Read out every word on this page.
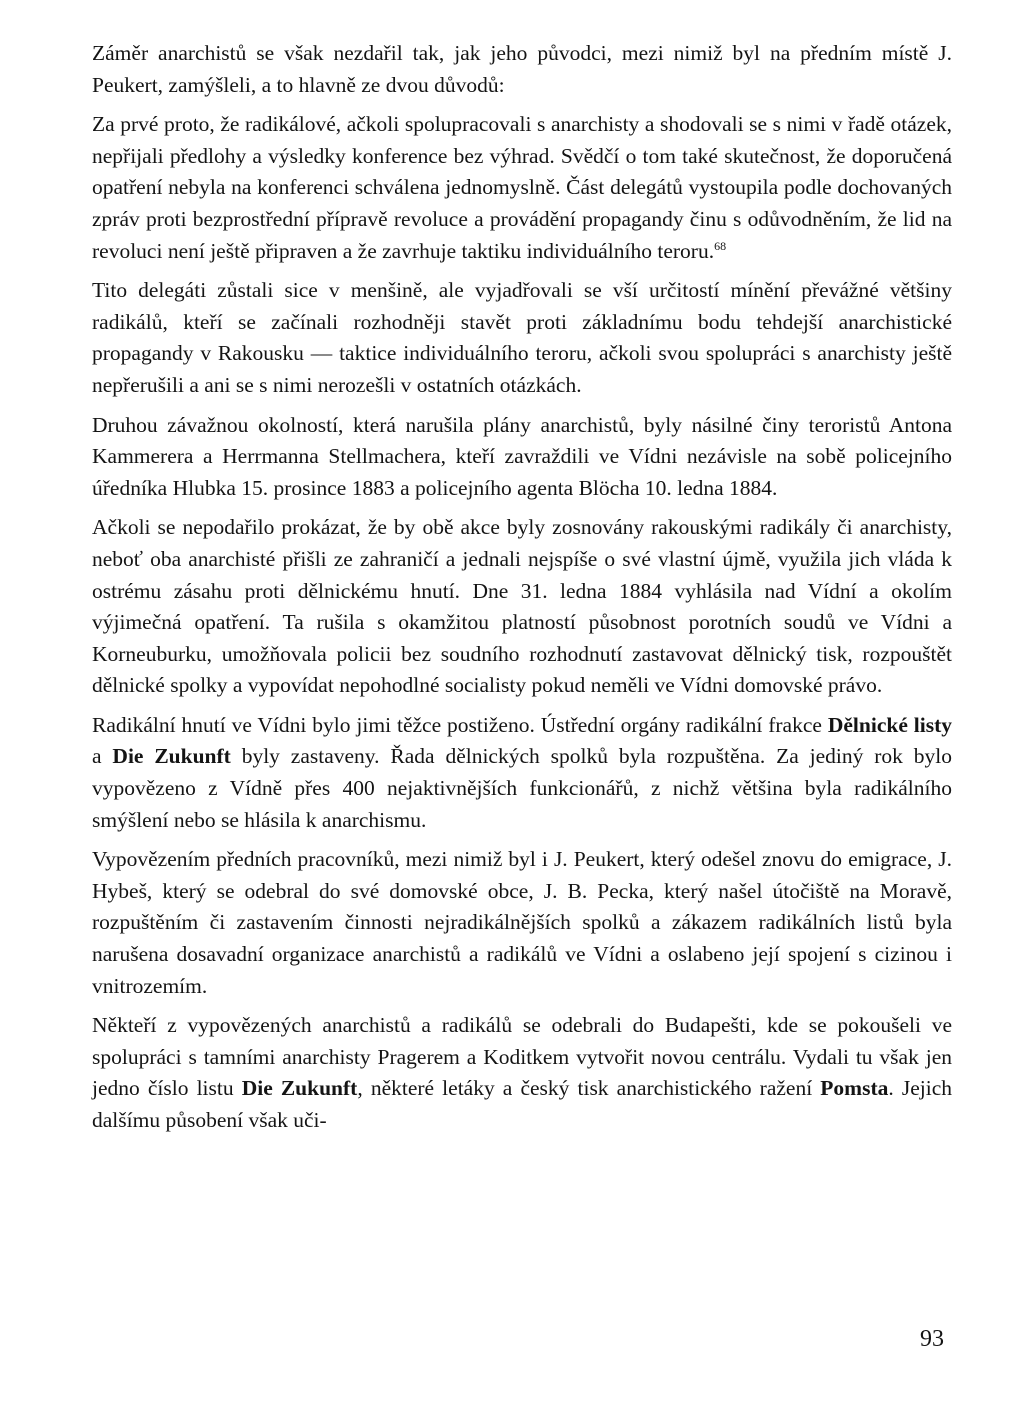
Záměr anarchistů se však nezdařil tak, jak jeho původci, mezi nimiž byl na předním místě J. Peukert, zamýšleli, a to hlavně ze dvou důvodů:

Za prvé proto, že radikálové, ačkoli spolupracovali s anarchisty a shodovali se s nimi v řadě otázek, nepřijali předlohy a výsledky konference bez výhrad. Svědčí o tom také skutečnost, že doporučená opatření nebyla na konferenci schválena jednomyslně. Část delegátů vystoupila podle dochovaných zpráv proti bezprostřední přípravě revoluce a provádění propagandy činu s odůvodněním, že lid na revoluci není ještě připraven a že zavrhuje taktiku individuálního teroru.$^{68}$

Tito delegáti zůstali sice v menšině, ale vyjadřovali se vší určitostí mínění převážné většiny radikálů, kteří se začínali rozhodněji stavět proti základnímu bodu tehdejší anarchistické propagandy v Rakousku — taktice individuálního teroru, ačkoli svou spolupráci s anarchisty ještě nepřerušili a ani se s nimi nerozešli v ostatních otázkách.

Druhou závažnou okolností, která narušila plány anarchistů, byly násilné činy teroristů Antona Kammerera a Herrmanna Stellmachera, kteří zavraždili ve Vídni nezávisle na sobě policejního úředníka Hlubka 15. prosince 1883 a policejního agenta Blöcha 10. ledna 1884.

Ačkoli se nepodařilo prokázat, že by obě akce byly zosnovány rakouskými radikály či anarchisty, neboť oba anarchisté přišli ze zahraničí a jednali nejspíše o své vlastní újmě, využila jich vláda k ostrému zásahu proti dělnickému hnutí. Dne 31. ledna 1884 vyhlásila nad Vídní a okolím výjimečná opatření. Ta rušila s okamžitou platností působnost porotních soudů ve Vídni a Korneuburku, umožňovala policii bez soudního rozhodnutí zastavovat dělnický tisk, rozpouštět dělnické spolky a vypovídat nepohodlné socialisty pokud neměli ve Vídni domovské právo.

Radikální hnutí ve Vídni bylo jimi těžce postiženo. Ústřední orgány radikální frakce Dělnické listy a Die Zukunft byly zastaveny. Řada dělnických spolků byla rozpuštěna. Za jediný rok bylo vypovězeno z Vídně přes 400 nejaktivnějších funkcionářů, z nichž většina byla radikálního smýšlení nebo se hlásila k anarchismu.

Vypovězením předních pracovníků, mezi nimiž byl i J. Peukert, který odešel znovu do emigrace, J. Hybeš, který se odebral do své domovské obce, J. B. Pecka, který našel útočiště na Moravě, rozpuštěním či zastavením činnosti nejradikálnějších spolků a zákazem radikálních listů byla narušena dosavadní organizace anarchistů a radikálů ve Vídni a oslabeno její spojení s cizinou i vnitrozemím.

Někteří z vypovězených anarchistů a radikálů se odebrali do Budapešti, kde se pokoušeli ve spolupráci s tamními anarchisty Pragerem a Koditkem vytvořit novou centrálu. Vydali tu však jen jedno číslo listu Die Zukunft, některé letáky a český tisk anarchistického ražení Pomsta. Jejich dalšímu působení však uči-

93
